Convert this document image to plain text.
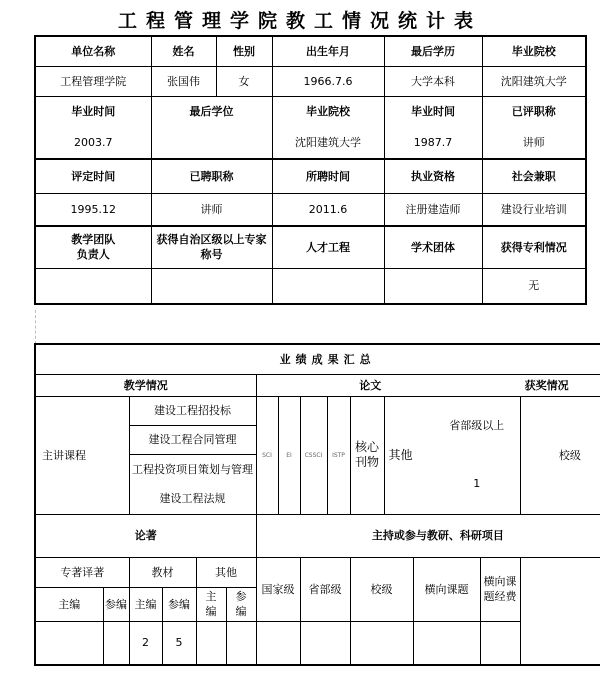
工程管理学院教工情况统计表
单位名称	姓名	性别	出生年月	最后学历	毕业院校
工程管理学院	张国伟	女	1966.7.6	大学本科	沈阳建筑大学
毕业时间	最后学位		毕业院校	毕业时间	已评职称
2003.7			沈阳建筑大学	1987.7	讲师
评定时间	已聘职称		所聘时间	执业资格	社会兼职
1995.12	讲师		2011.6	注册建造师	建设行业培训
教学团队
负责人	获得自治区级以上专家称号		人才工程	学术团体	获得专利情况
					无
业绩成果汇总															
教学情况						论文							获奖情况		
主讲课程		建设工程招投标				SCI	EI	CSSCI	ISTP	核心刊物	其他		省部级以上		校级
		建设工程合同管理													
		工程投资项目策划与管理											1		
		建设工程法规													
论著						主持或参与教研、科研项目									
专著译著		教材		其他		国家级		省部级		校级		横向课题		横向课题经费	
主编	参编	主编	参编	主编	参编										
		2	5												
